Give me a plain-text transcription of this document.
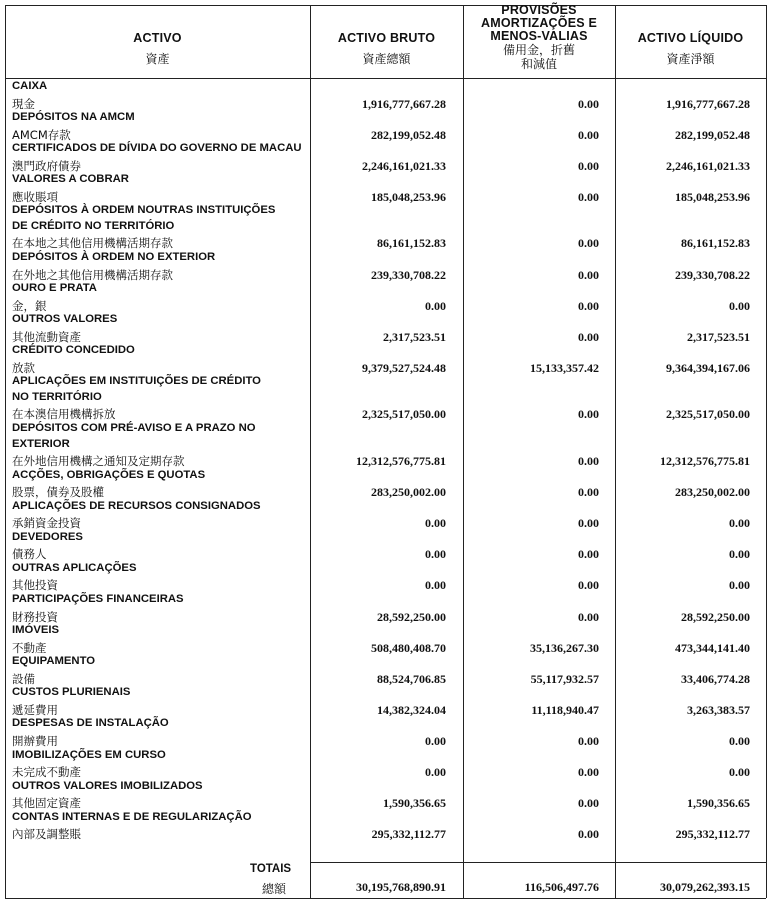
ACTIVO
資產
ACTIVO BRUTO
資產總額
PROVISÕES
AMORTIZAÇÕES E
MENOS-VALIAS
備用金，折舊
和減值
ACTIVO LÍQUIDO
資產淨額
CAIXA
現金	1,916,777,667.28	0.00	1,916,777,667.28
DEPÓSITOS NA AMCM
AMCM存款	282,199,052.48	0.00	282,199,052.48
CERTIFICADOS DE DÍVIDA DO GOVERNO DE MACAU
澳門政府債券	2,246,161,021.33	0.00	2,246,161,021.33
VALORES A COBRAR
應收賬項	185,048,253.96	0.00	185,048,253.96
DEPÓSITOS À ORDEM NOUTRAS INSTITUIÇÕES
DE CRÉDITO NO TERRITÓRIO
在本地之其他信用機構活期存款	86,161,152.83	0.00	86,161,152.83
DEPÓSITOS À ORDEM NO EXTERIOR
在外地之其他信用機構活期存款	239,330,708.22	0.00	239,330,708.22
OURO E PRATA
金，銀	0.00	0.00	0.00
OUTROS VALORES
其他流動資產	2,317,523.51	0.00	2,317,523.51
CRÉDITO CONCEDIDO
放款	9,379,527,524.48	15,133,357.42	9,364,394,167.06
APLICAÇÕES EM INSTITUIÇÕES DE CRÉDITO
NO TERRITÓRIO
在本澳信用機構拆放	2,325,517,050.00	0.00	2,325,517,050.00
DEPÓSITOS COM PRÉ-AVISO E A PRAZO NO
EXTERIOR
在外地信用機構之通知及定期存款	12,312,576,775.81	0.00	12,312,576,775.81
ACÇÕES, OBRIGAÇÕES E QUOTAS
股票，債券及股權	283,250,002.00	0.00	283,250,002.00
APLICAÇÕES DE RECURSOS CONSIGNADOS
承銷資金投資	0.00	0.00	0.00
DEVEDORES
債務人	0.00	0.00	0.00
OUTRAS APLICAÇÕES
其他投資	0.00	0.00	0.00
PARTICIPAÇÕES FINANCEIRAS
財務投資	28,592,250.00	0.00	28,592,250.00
IMÓVEIS
不動產	508,480,408.70	35,136,267.30	473,344,141.40
EQUIPAMENTO
設備	88,524,706.85	55,117,932.57	33,406,774.28
CUSTOS PLURIENAIS
遞延費用	14,382,324.04	11,118,940.47	3,263,383.57
DESPESAS DE INSTALAÇÃO
開辦費用	0.00	0.00	0.00
IMOBILIZAÇÕES EM CURSO
未完成不動產	0.00	0.00	0.00
OUTROS VALORES IMOBILIZADOS
其他固定資產	1,590,356.65	0.00	1,590,356.65
CONTAS INTERNAS E DE REGULARIZAÇÃO
內部及調整賬	295,332,112.77	0.00	295,332,112.77
TOTAIS
總額	30,195,768,890.91	116,506,497.76	30,079,262,393.15
